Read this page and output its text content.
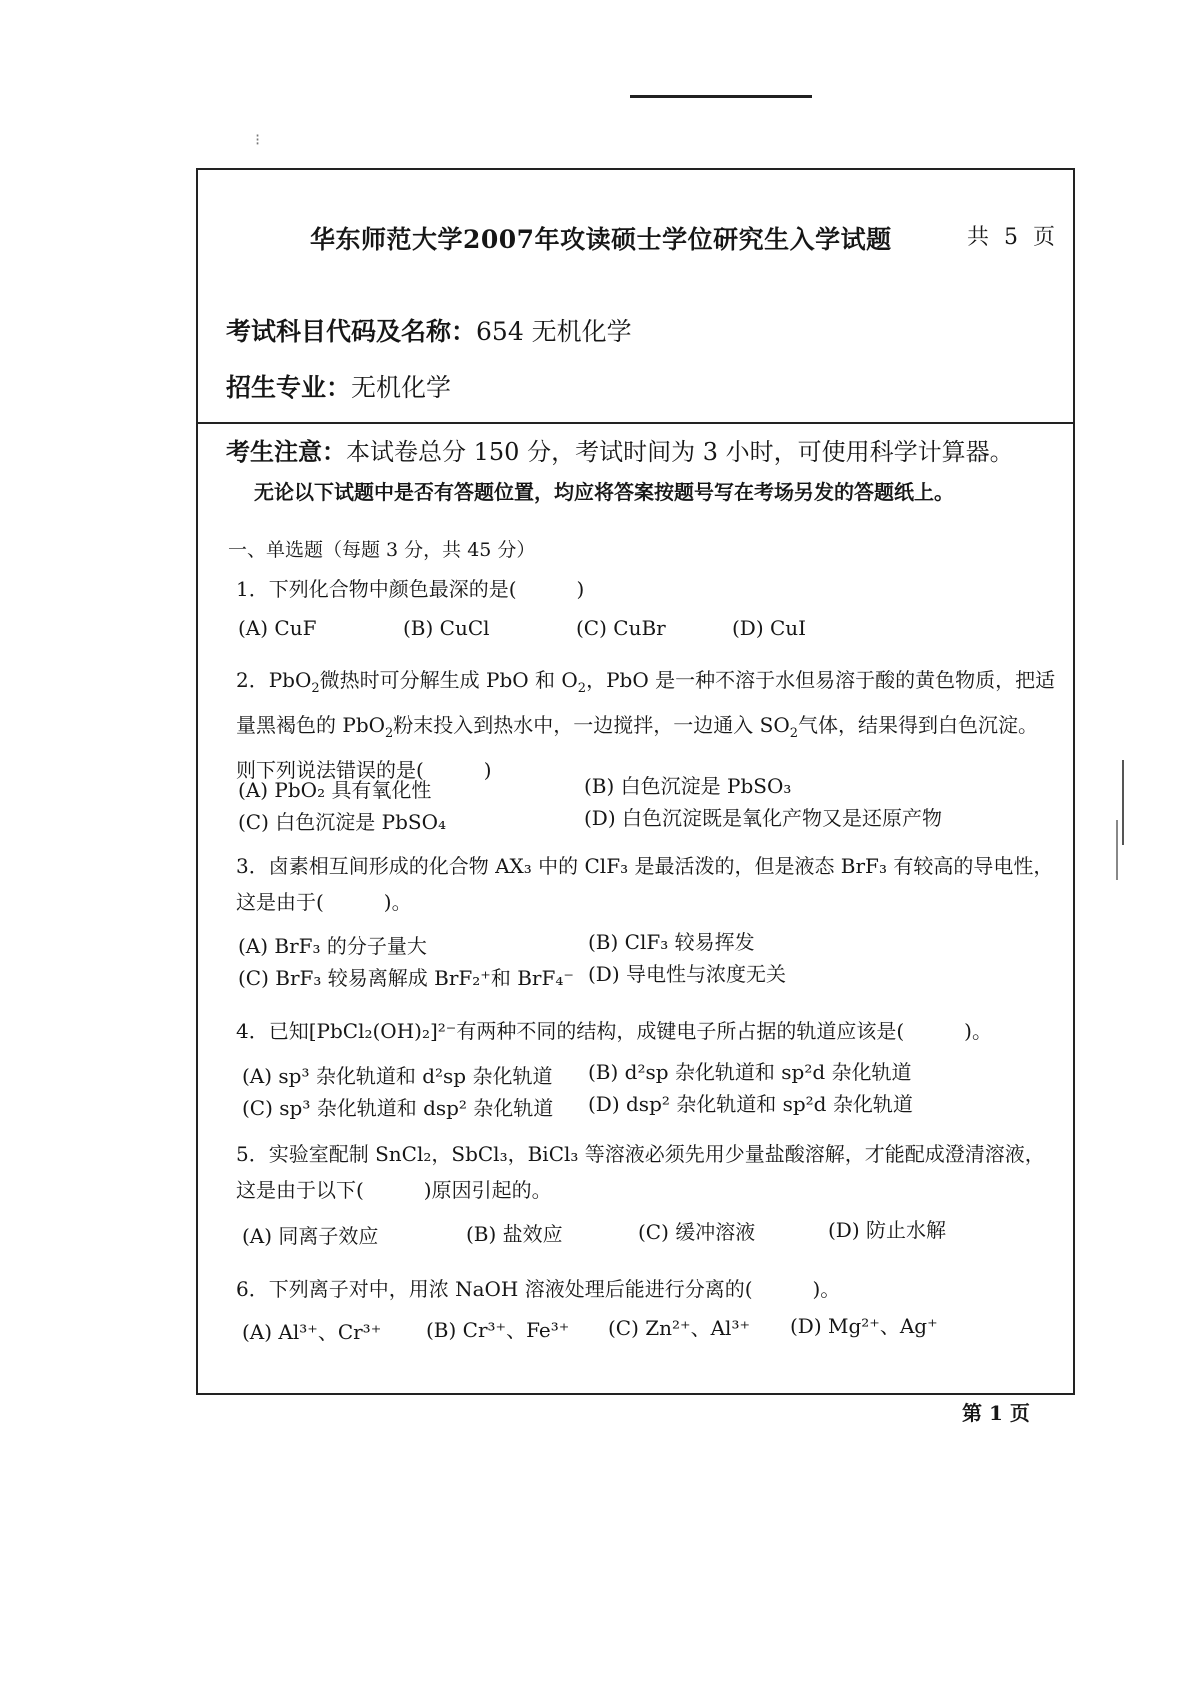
⁝
华东师范大学2007年攻读硕士学位研究生入学试题	共 5 页
考试科目代码及名称：654 无机化学
招生专业：无机化学
考生注意：本试卷总分 150 分，考试时间为 3 小时，可使用科学计算器。
无论以下试题中是否有答题位置，均应将答案按题号写在考场另发的答题纸上。
一、单选题（每题 3 分，共 45 分）
1．下列化合物中颜色最深的是(　　　)
(A) CuF	(B) CuCl	(C) CuBr	(D) CuI
2．PbO$_2$微热时可分解生成 PbO 和 $O_2$，PbO 是一种不溶于水但易溶于酸的黄色物质，把适量黑褐色的 PbO$_2$粉末投入到热水中，一边搅拌，一边通入 $SO_2$气体，结果得到白色沉淀。则下列说法错误的是(　　　)
(A) PbO₂ 具有氧化性	(B) 白色沉淀是 PbSO₃
(C) 白色沉淀是 PbSO₄	(D) 白色沉淀既是氧化产物又是还原产物
3．卤素相互间形成的化合物 AX₃ 中的 ClF₃ 是最活泼的，但是液态 BrF₃ 有较高的导电性，这是由于(　　　)。
(A) BrF₃ 的分子量大	(B) ClF₃ 较易挥发
(C) BrF₃ 较易离解成 BrF₂⁺和 BrF₄⁻ (D) 导电性与浓度无关
4．已知[PbCl₂(OH)₂]²⁻有两种不同的结构，成键电子所占据的轨道应该是(　　　)。
(A) sp³ 杂化轨道和 d²sp 杂化轨道 (B) d²sp 杂化轨道和 sp²d 杂化轨道
(C) sp³ 杂化轨道和 dsp² 杂化轨道 (D) dsp² 杂化轨道和 sp²d 杂化轨道
5．实验室配制 SnCl₂，SbCl₃，BiCl₃ 等溶液必须先用少量盐酸溶解，才能配成澄清溶液，这是由于以下(　　　)原因引起的。
(A) 同离子效应	(B) 盐效应	(C) 缓冲溶液	(D) 防止水解
6．下列离子对中，用浓 NaOH 溶液处理后能进行分离的(　　　)。
(A) Al³⁺、Cr³⁺ (B) Cr³⁺、Fe³⁺ (C) Zn²⁺、Al³⁺ (D) Mg²⁺、Ag⁺
第 1 页
